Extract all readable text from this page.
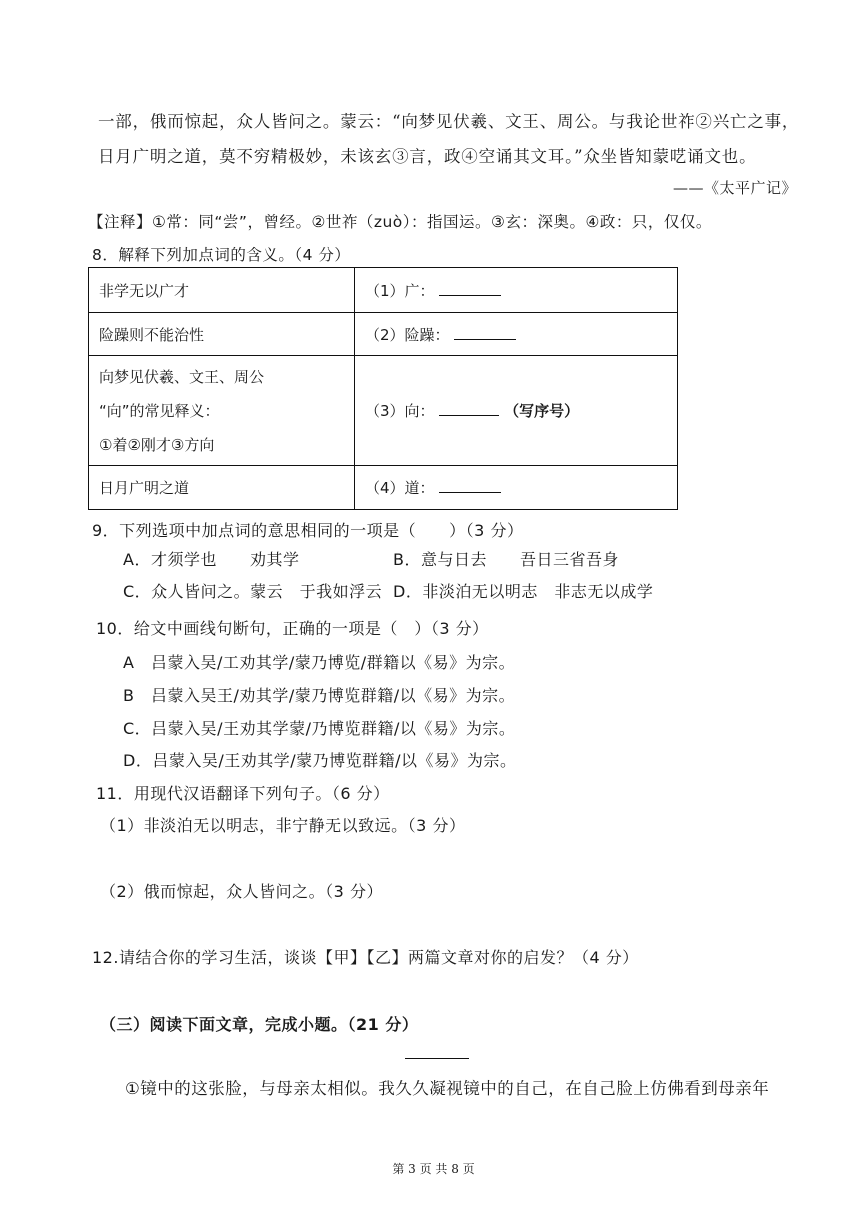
一部，俄而惊起，众人皆问之。蒙云：“向梦见伏羲、文王、周公。与我论世祚②兴亡之事，
日月广明之道，莫不穷精极妙，未该玄③言，政④空诵其文耳。”众坐皆知蒙呓诵文也。
——《太平广记》
【注释】①常：同“尝”，曾经。②世祚（zuò）：指国运。③玄：深奥。④政：只，仅仅。
8．解释下列加点词的含义。（4 分）
非学无以广才	（1）广：
险躁则不能治性	（2）险躁：

向梦见伏羲、文王、周公
“向”的常见释义：
①着②刚才③方向	（3）向： （写序号）
日月广明之道	（4）道：
9．下列选项中加点词的意思相同的一项是（　　）（3 分）
A．才须学也　　劝其学	B．意与日去　　吾日三省吾身
C．众人皆问之。蒙云　于我如浮云 D．非淡泊无以明志　非志无以成学
10．给文中画线句断句，正确的一项是（　）（3 分）
A　吕蒙入吴/工劝其学/蒙乃博览/群籍以《易》为宗。
B　吕蒙入吴王/劝其学/蒙乃博览群籍/以《易》为宗。
C．吕蒙入吴/王劝其学蒙/乃博览群籍/以《易》为宗。
D．吕蒙入吴/王劝其学/蒙乃博览群籍/以《易》为宗。
11．用现代汉语翻译下列句子。（6 分）
（1）非淡泊无以明志，非宁静无以致远。（3 分）
（2）俄而惊起，众人皆问之。（3 分）
12.请结合你的学习生活，谈谈【甲】【乙】两篇文章对你的启发？（4 分）
（三）阅读下面文章，完成小题。（21 分）
①镜中的这张脸，与母亲太相似。我久久凝视镜中的自己，在自己脸上仿佛看到母亲年
第 3 页 共 8 页
